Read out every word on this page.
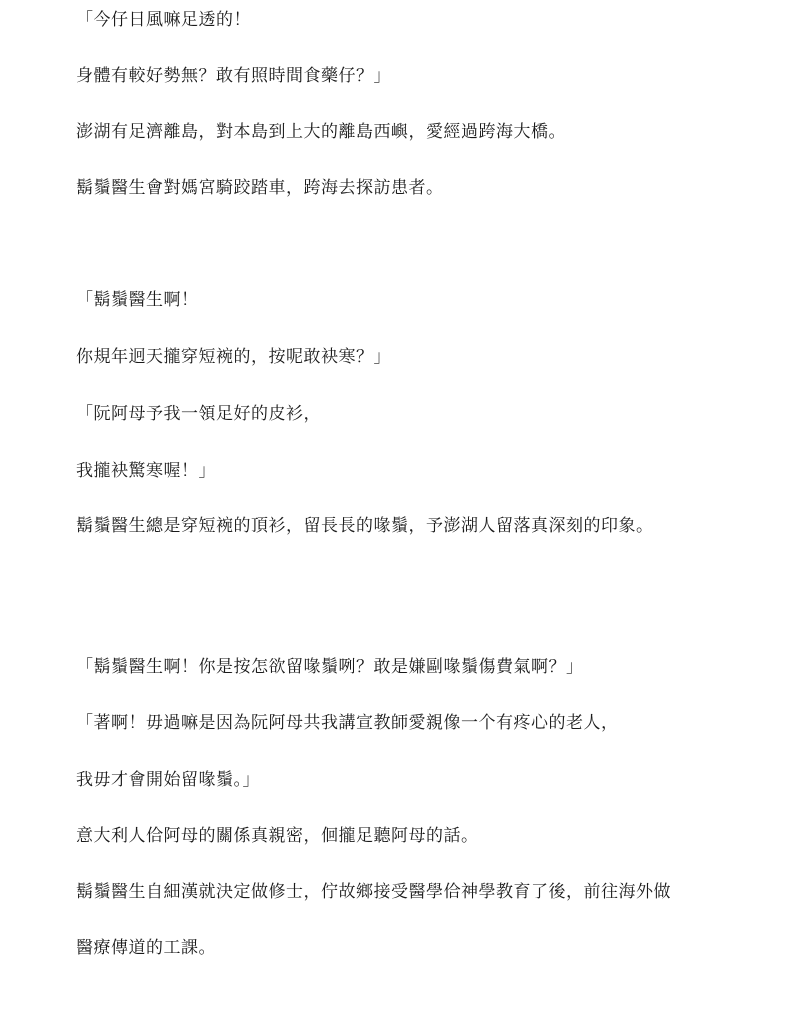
「今仔日風嘛足透的！
身體有較好勢無？敢有照時間食藥仔？」
澎湖有足濟離島，對本島到上大的離島西嶼，愛經過跨海大橋。
鬍鬚醫生會對媽宮騎跤踏車，跨海去探訪患者。
「鬍鬚醫生啊！
你規年迥天攏穿短䘼的，按呢敢袂寒？」
「阮阿母予我一領足好的皮衫，
我攏袂驚寒喔！」
鬍鬚醫生總是穿短䘼的頂衫，留長長的喙鬚，予澎湖人留落真深刻的印象。
「鬍鬚醫生啊！你是按怎欲留喙鬚咧？敢是嫌剾喙鬚傷費氣啊？」
「著啊！毋過嘛是因為阮阿母共我講宣教師愛親像一个有疼心的老人，
我毋才會開始留喙鬚。」
意大利人佮阿母的關係真親密，佪攏足聽阿母的話。
鬍鬚醫生自細漢就決定做修士，佇故鄉接受醫學佮神學教育了後，前往海外做
醫療傳道的工課。
